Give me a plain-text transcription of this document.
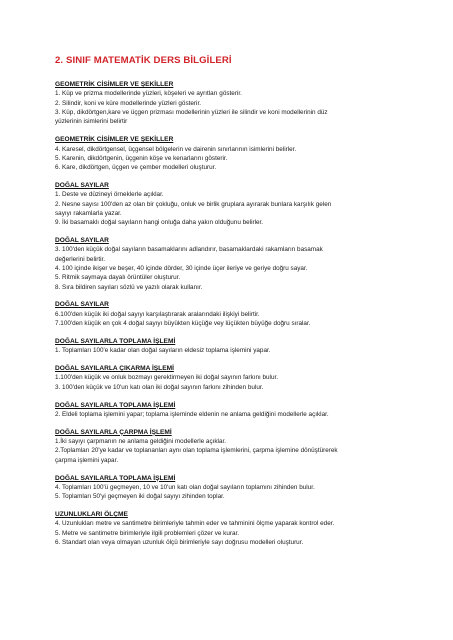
2. SINIF MATEMATİK DERS BİLGİLERİ
GEOMETRİK CİSİMLER VE ŞEKİLLER
1. Küp ve prizma modellerinde yüzleri, köşeleri ve ayrıtları gösterir.
2. Silindir, koni ve küre modellerinde yüzleri gösterir.
3. Küp, dikdörtgen,kare ve üçgen prizması modellerinin yüzleri ile silindir ve koni modellerinin düz
yüzlerinin isimlerini belirtir
GEOMETRİK CİSİMLER VE ŞEKİLLER
4. Karesel, dikdörtgensel, üçgensel bölgelerin ve dairenin sınırlarının isimlerini belirler.
5. Karenin, dikdörtgenin, üçgenin köşe ve kenarlarını gösterir.
6. Kare, dikdörtgen, üçgen ve çember modelleri oluşturur.
DOĞAL SAYILAR
1. Deste ve düzineyi örneklerle açıklar.
2. Nesne sayısı 100'den az olan bir çokluğu, onluk ve birlik gruplara ayırarak bunlara karşılık gelen
sayıyı rakamlarla yazar.
9. İki basamaklı doğal sayıların hangi onluğa daha yakın olduğunu belirler.
DOĞAL SAYILAR
3. 100'den küçük doğal sayıların basamaklarını adlandırır, basamaklardaki rakamların basamak
değerlerini belirtir.
4. 100 içinde ikişer ve beşer, 40 içinde dörder, 30 içinde üçer ileriye ve geriye doğru sayar.
5. Ritmik saymaya dayalı örüntüler oluşturur.
8. Sıra bildiren sayıları sözlü ve yazılı olarak kullanır.
DOĞAL SAYILAR
6.100'den küçük iki doğal sayıyı karşılaştırarak aralarındaki ilişkiyi belirtir.
7.100'den küçük en çok 4 doğal sayıyı büyükten küçüğe vey lüçükten büyüğe doğru sıralar.
DOĞAL SAYILARLA TOPLAMA İŞLEMİ
1. Toplamları 100'e kadar olan doğal sayıların eldesiz toplama işlemini yapar.
DOĞAL SAYILARLA ÇIKARMA İŞLEMİ
1.100'den küçük ve onluk bozmayı gerektirmeyen iki doğal sayının farkını bulur.
3. 100'den küçük ve 10'un katı olan iki doğal sayının farkını zihinden bulur.
DOĞAL SAYILARLA TOPLAMA İŞLEMİ
2. Eldeli toplama işlemini yapar; toplama işleminde eldenin ne anlama geldiğini modellerle açıklar.
DOĞAL SAYILARLA ÇARPMA İŞLEMİ
1.İki sayıyı çarpmanın ne anlama geldiğini modellerle açıklar.
2.Toplamları 20'ye kadar ve toplananları aynı olan toplama işlemlerini, çarpma işlemine dönüştürerek
çarpma işlemini yapar.
DOĞAL SAYILARLA TOPLAMA İŞLEMİ
4. Toplamları 100'ü geçmeyen, 10 ve 10'un katı olan doğal sayıların toplamını zihinden bulur.
5. Toplamları 50'yi geçmeyen iki doğal sayıyı zihinden toplar.
UZUNLUKLARI ÖLÇME
4. Uzunlukları metre ve santimetre birimleriyle tahmin eder ve tahminini ölçme yaparak kontrol eder.
5. Metre ve santimetre birimleriyle ilgili problemleri çözer ve kurar.
6. Standart olan veya olmayan uzunluk ölçü birimleriyle sayı doğrusu modelleri oluşturur.
